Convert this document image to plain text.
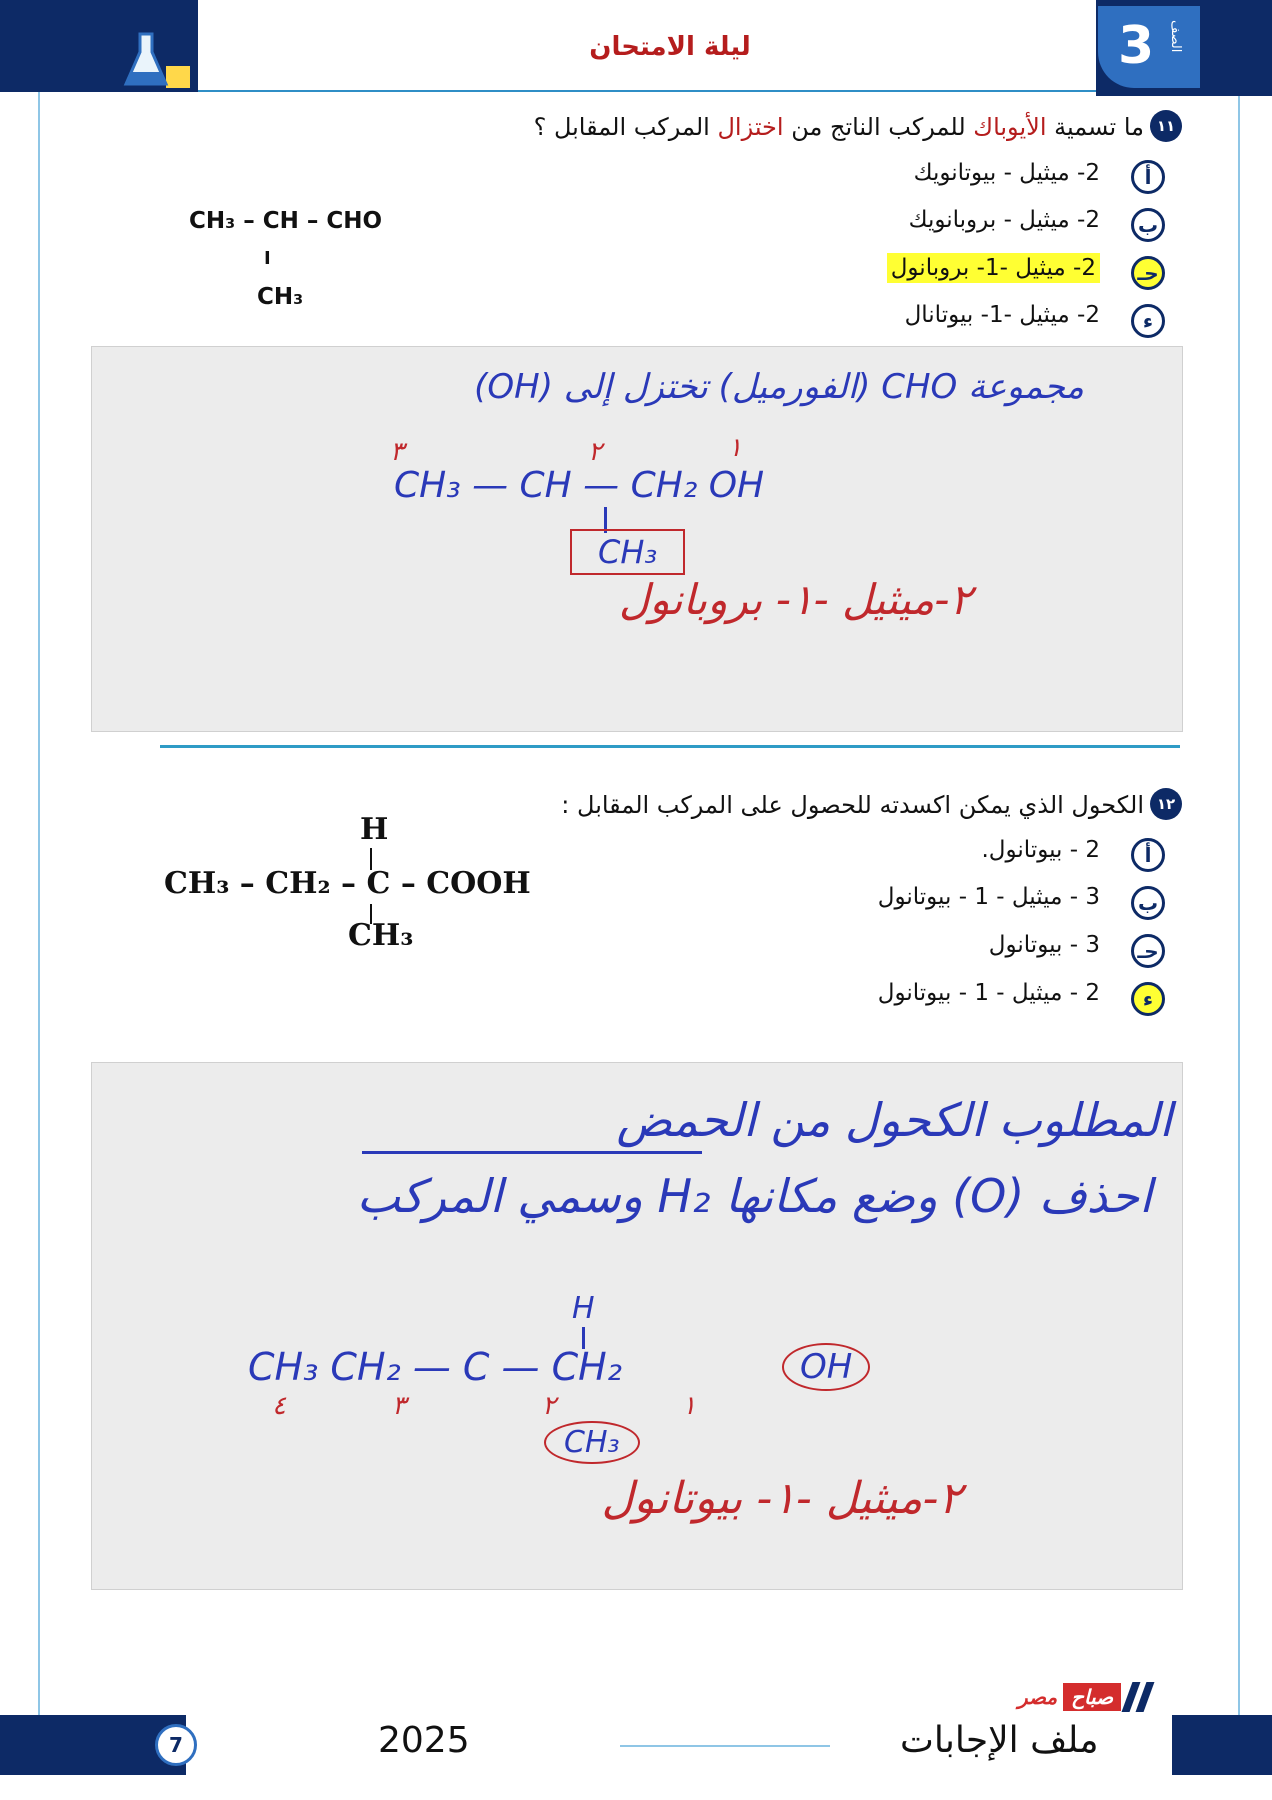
ليلة الامتحان	3 الصف
١١
ما تسمية الأيوباك للمركب الناتج من اختزال المركب المقابل ؟
أ
2- ميثيل - بيوتانويك
ب
2- ميثيل - بروبانويك
حـ
2- ميثيل -1- بروبانول
ء
2- ميثيل -1- بيوتانال
CH₃ – CH – CHO
I
CH₃
مجموعة CHO (الفورميل) تختزل إلى (OH)
٣	٢	١
CH₃ — CH — CH₂ OH
CH₃
٢-ميثيل -١- بروبانول
١٢
الكحول الذي يمكن اكسدته للحصول على المركب المقابل :
أ
2 - بيوتانول.
ب
3 - ميثيل - 1 - بيوتانول
حـ
3 - بيوتانول
ء
2 - ميثيل - 1 - بيوتانول
H
CH₃ – CH₂ – C – COOH
CH₃
المطلوب الكحول من الحمض
احذف (O) وضع مكانها H₂ وسمي المركب
H
CH₃ CH₂ — C — CH₂	OH
٤	٣	٢	١
CH₃
٢-ميثيل -١- بيوتانول
مصر صباح
7	2025	ملف الإجابات
